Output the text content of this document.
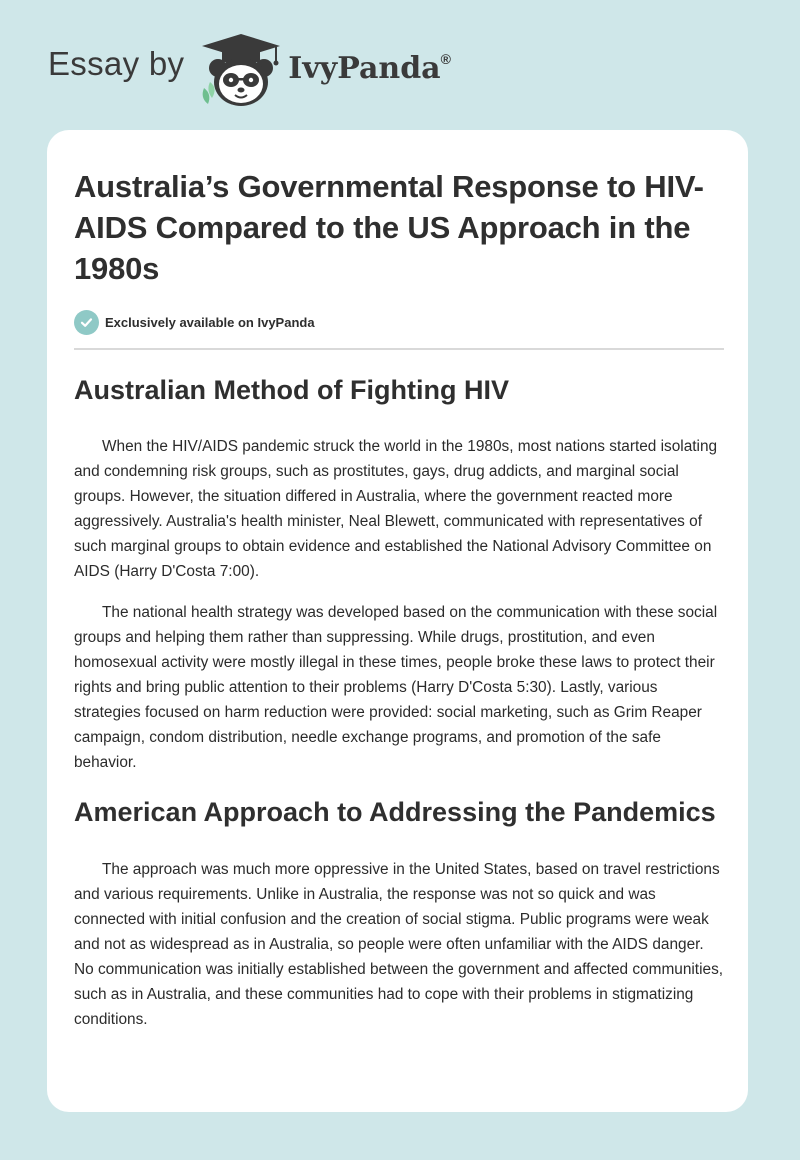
Essay by	IvyPanda®
Australia’s Governmental Response to HIV-AIDS Compared to the US Approach in the 1980s
Exclusively available on IvyPanda
Australian Method of Fighting HIV

When the HIV/AIDS pandemic struck the world in the 1980s, most nations started isolating and condemning risk groups, such as prostitutes, gays, drug addicts, and marginal social groups. However, the situation differed in Australia, where the government reacted more aggressively. Australia's health minister, Neal Blewett, communicated with representatives of such marginal groups to obtain evidence and established the National Advisory Committee on AIDS (Harry D'Costa 7:00).

The national health strategy was developed based on the communication with these social groups and helping them rather than suppressing. While drugs, prostitution, and even homosexual activity were mostly illegal in these times, people broke these laws to protect their rights and bring public attention to their problems (Harry D'Costa 5:30). Lastly, various strategies focused on harm reduction were provided: social marketing, such as Grim Reaper campaign, condom distribution, needle exchange programs, and promotion of the safe behavior.

American Approach to Addressing the Pandemics

The approach was much more oppressive in the United States, based on travel restrictions and various requirements. Unlike in Australia, the response was not so quick and was connected with initial confusion and the creation of social stigma. Public programs were weak and not as widespread as in Australia, so people were often unfamiliar with the AIDS danger. No communication was initially established between the government and affected communities, such as in Australia, and these communities had to cope with their problems in stigmatizing conditions.
